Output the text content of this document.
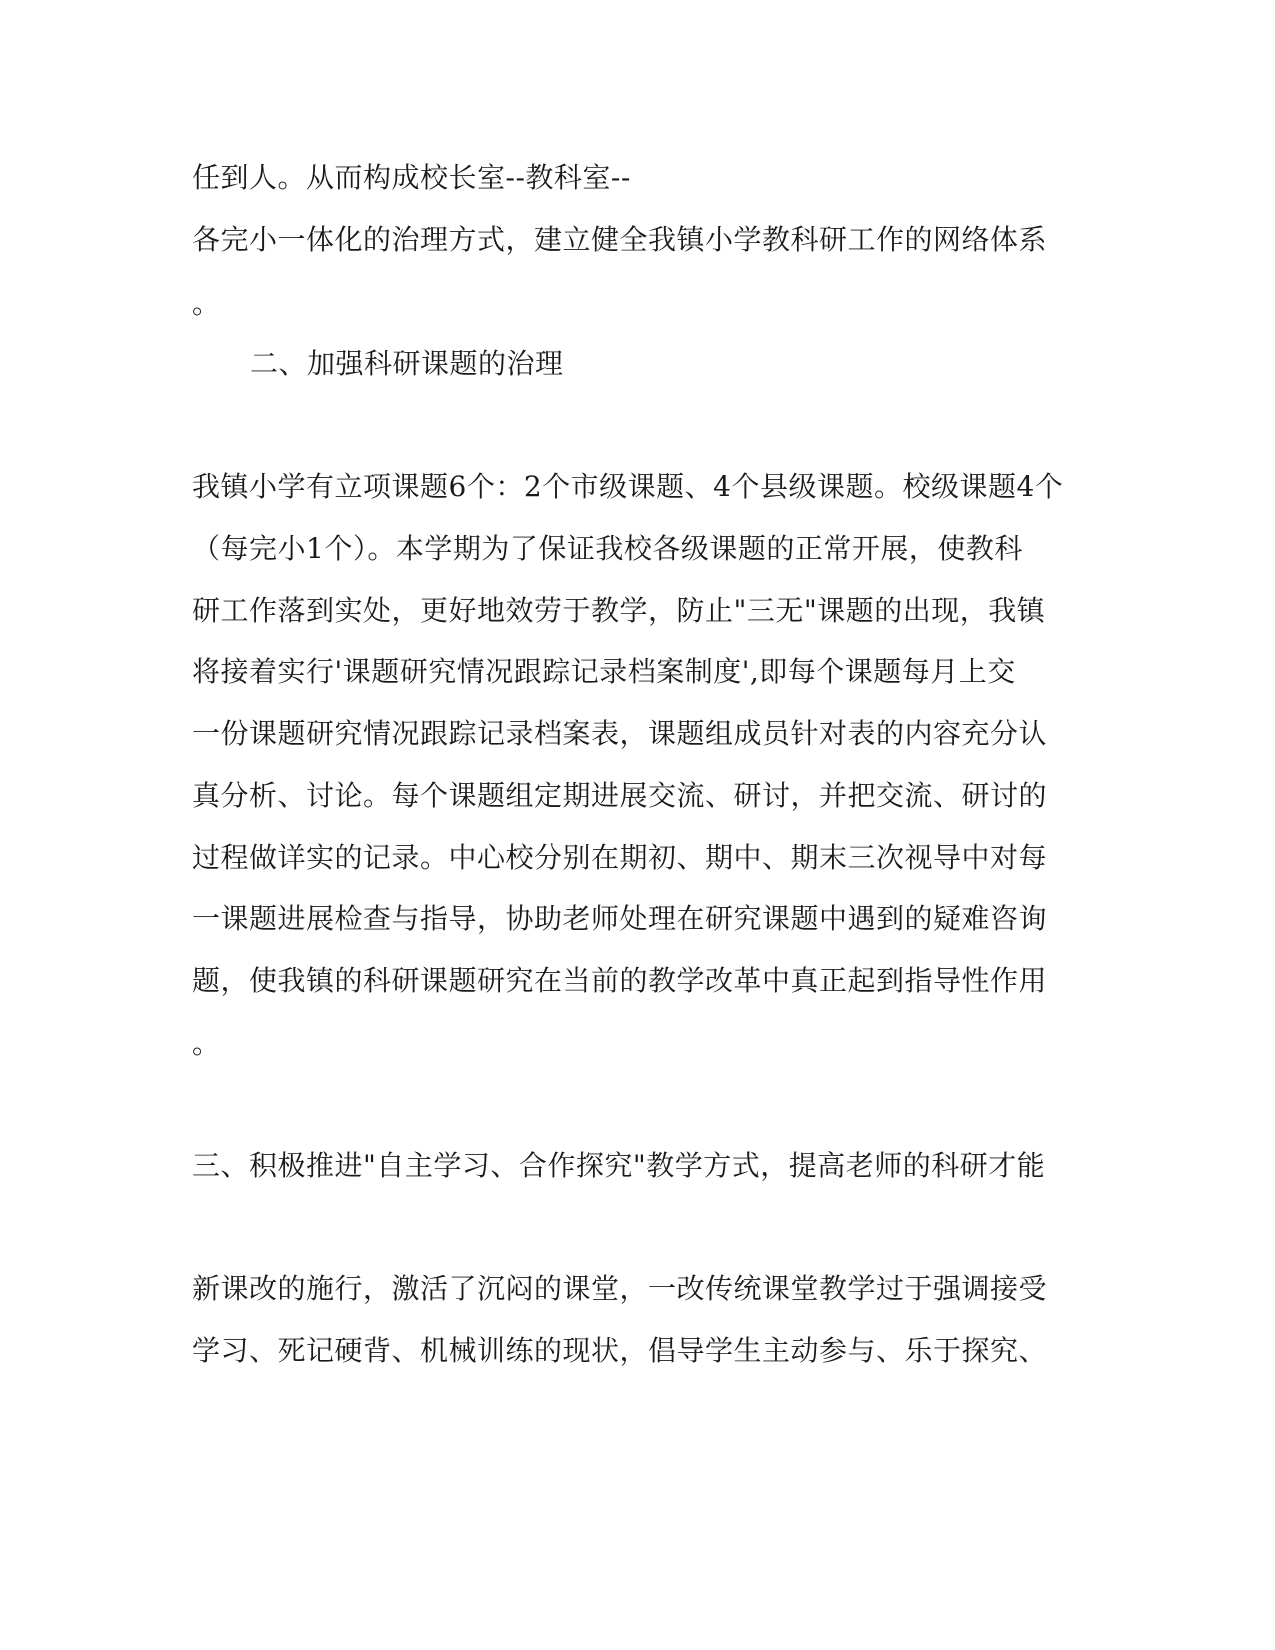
任到人。从而构成校长室--教科室--
各完小一体化的治理方式，建立健全我镇小学教科研工作的网络体系
。
二、加强科研课题的治理
我镇小学有立项课题6个：2个市级课题、4个县级课题。校级课题4个
（每完小1个）。本学期为了保证我校各级课题的正常开展，使教科
研工作落到实处，更好地效劳于教学，防止"三无"课题的出现，我镇
将接着实行'课题研究情况跟踪记录档案制度',即每个课题每月上交
一份课题研究情况跟踪记录档案表，课题组成员针对表的内容充分认
真分析、讨论。每个课题组定期进展交流、研讨，并把交流、研讨的
过程做详实的记录。中心校分别在期初、期中、期末三次视导中对每
一课题进展检查与指导，协助老师处理在研究课题中遇到的疑难咨询
题，使我镇的科研课题研究在当前的教学改革中真正起到指导性作用
。
三、积极推进"自主学习、合作探究"教学方式，提高老师的科研才能
新课改的施行，激活了沉闷的课堂，一改传统课堂教学过于强调接受
学习、死记硬背、机械训练的现状，倡导学生主动参与、乐于探究、
